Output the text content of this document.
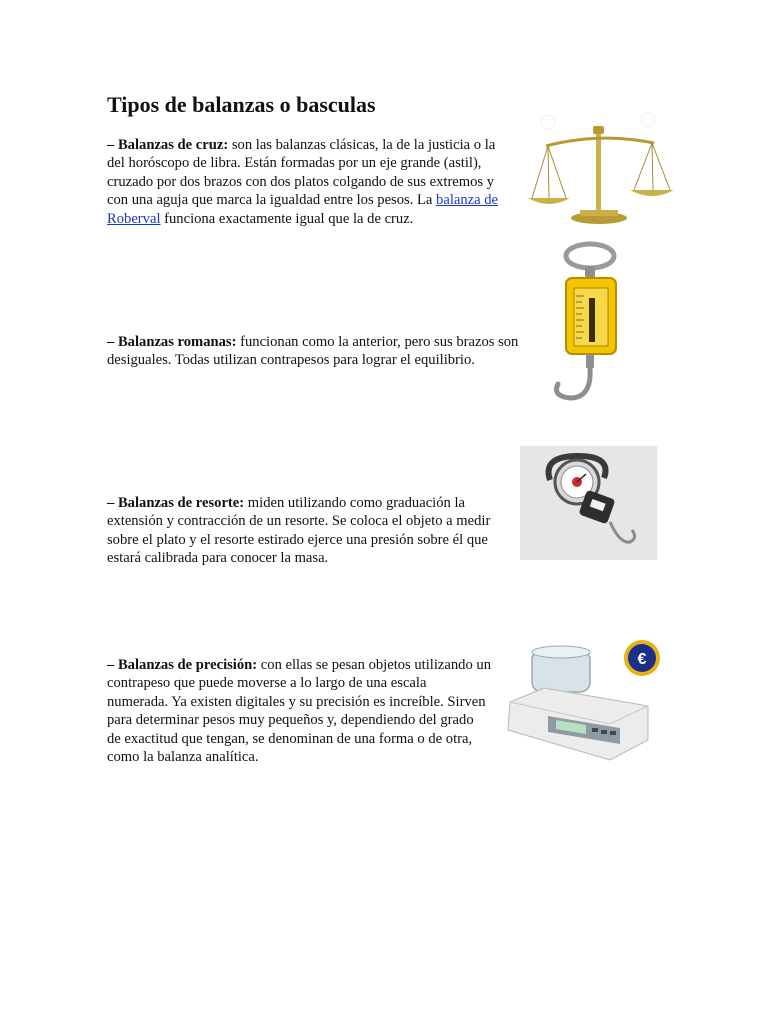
Tipos de balanzas o basculas

– Balanzas de cruz: son las balanzas clásicas, la de la justicia o la del horóscopo de libra. Están formadas por un eje grande (astil), cruzado por dos brazos con dos platos colgando de sus extremos y con una aguja que marca la igualdad entre los pesos. La balanza de Roberval funciona exactamente igual que la de cruz.

– Balanzas romanas: funcionan como la anterior, pero sus brazos son desiguales. Todas utilizan contrapesos para lograr el equilibrio.

– Balanzas de resorte: miden utilizando como graduación la extensión y contracción de un resorte. Se coloca el objeto a medir sobre el plato y el resorte estirado ejerce una presión sobre él que estará calibrada para conocer la masa.

– Balanzas de precisión: con ellas se pesan objetos utilizando un contrapeso que puede moverse a lo largo de una escala numerada. Ya existen digitales y su precisión es increíble. Sirven para determinar pesos muy pequeños y, dependiendo del grado de exactitud que tengan, se denominan de una forma o de otra, como la balanza analítica.

€
